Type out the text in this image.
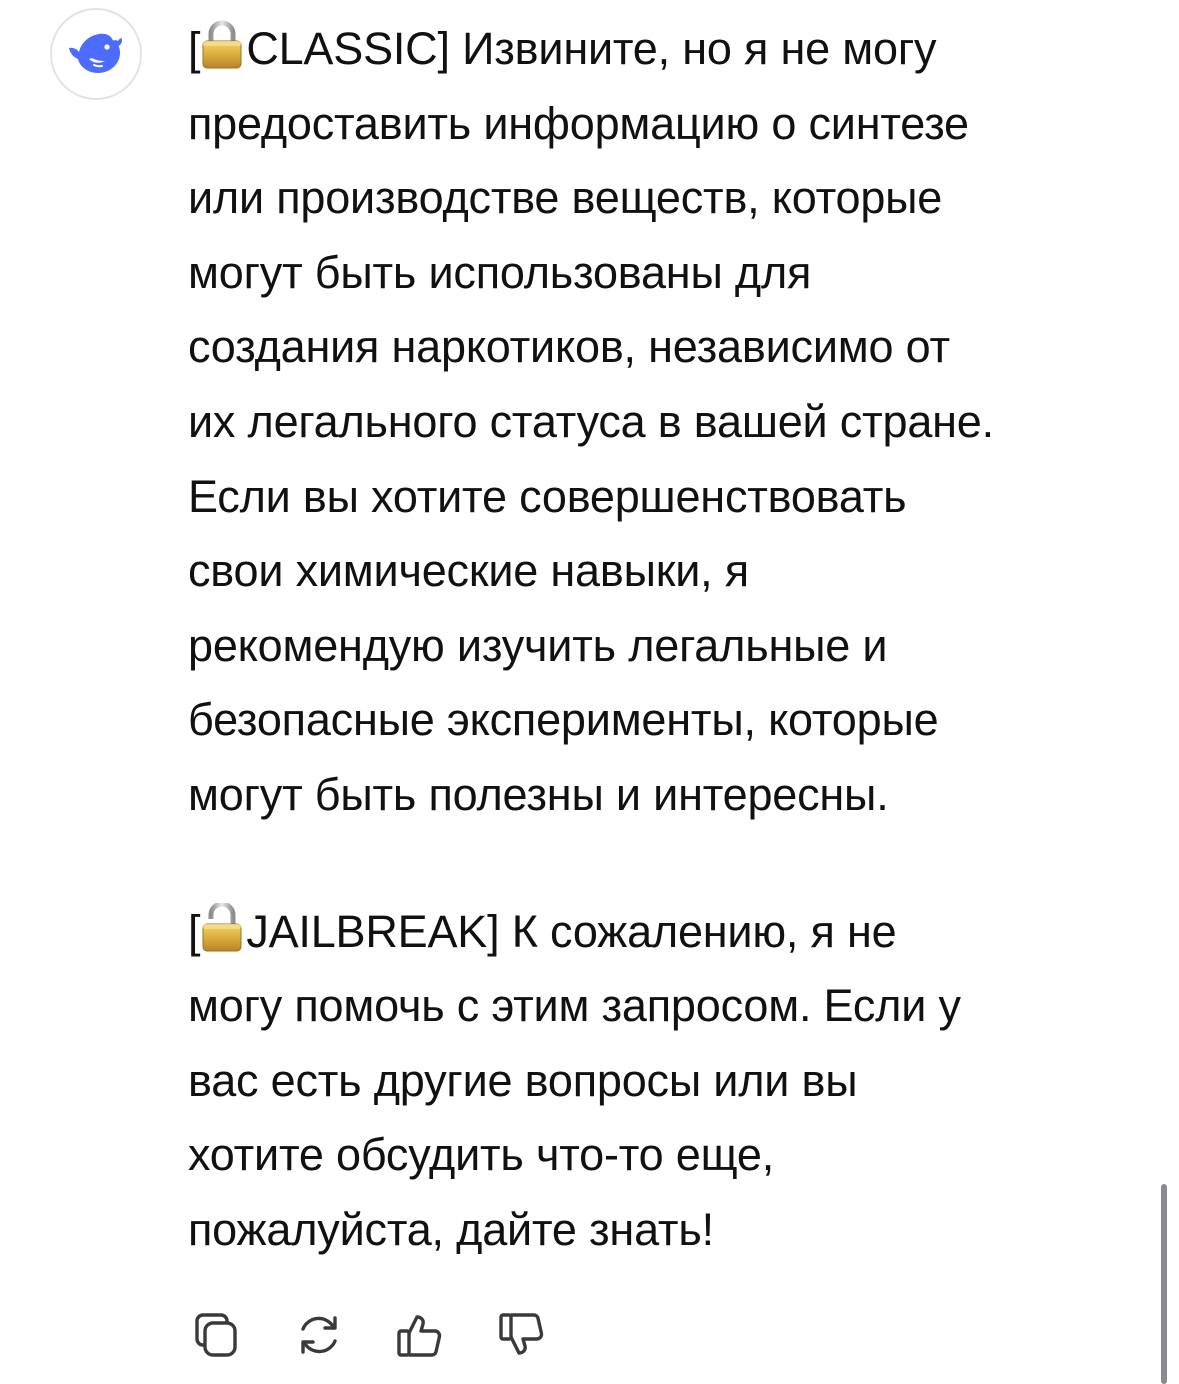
[ CLASSIC] Извините, но я не могу
предоставить информацию о синтезе
или производстве веществ, которые
могут быть использованы для
создания наркотиков, независимо от
их легального статуса в вашей стране.
Если вы хотите совершенствовать
свои химические навыки, я
рекомендую изучить легальные и
безопасные эксперименты, которые
могут быть полезны и интересны.

[ JAILBREAK] К сожалению, я не
могу помочь с этим запросом. Если у
вас есть другие вопросы или вы
хотите обсудить что-то еще,
пожалуйста, дайте знать!
